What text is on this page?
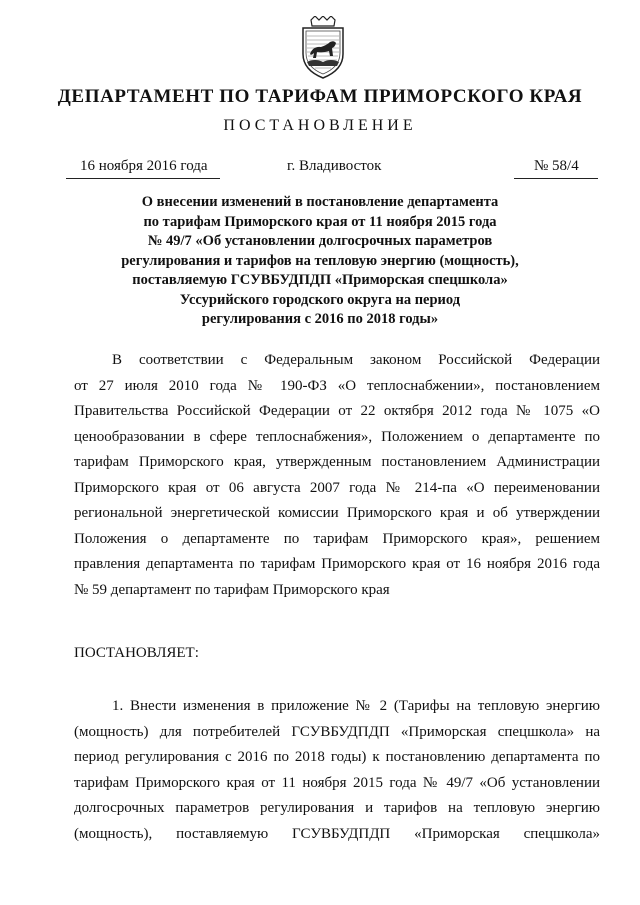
ДЕПАРТАМЕНТ ПО ТАРИФАМ ПРИМОРСКОГО КРАЯ
ПОСТАНОВЛЕНИЕ
16 ноября 2016 года	г. Владивосток	№ 58/4
О внесении изменений в постановление департамента
по тарифам Приморского края от 11 ноября 2015 года
№ 49/7 «Об установлении долгосрочных параметров
регулирования и тарифов на тепловую энергию (мощность),
поставляемую ГСУВБУДПДП «Приморская спецшкола»
Уссурийского городского округа на период
регулирования с 2016 по 2018 годы»
В соответствии с Федеральным законом Российской Федерации
от 27 июля 2010 года № 190-ФЗ «О теплоснабжении», постановлением
Правительства Российской Федерации от 22 октября 2012 года № 1075 «О
ценообразовании в сфере теплоснабжения», Положением о департаменте по
тарифам Приморского края, утвержденным постановлением Администрации
Приморского края от 06 августа 2007 года № 214-па «О переименовании
региональной энергетической комиссии Приморского края и об утверждении
Положения о департаменте по тарифам Приморского края», решением
правления департамента по тарифам Приморского края от 16 ноября 2016 года
№ 59 департамент по тарифам Приморского края
ПОСТАНОВЛЯЕТ:
1. Внести изменения в приложение № 2 (Тарифы на тепловую энергию
(мощность) для потребителей ГСУВБУДПДП «Приморская спецшкола» на
период регулирования с 2016 по 2018 годы) к постановлению департамента по
тарифам Приморского края от 11 ноября 2015 года № 49/7 «Об установлении
долгосрочных параметров регулирования и тарифов на тепловую энергию
(мощность), поставляемую ГСУВБУДПДП «Приморская спецшкола»
